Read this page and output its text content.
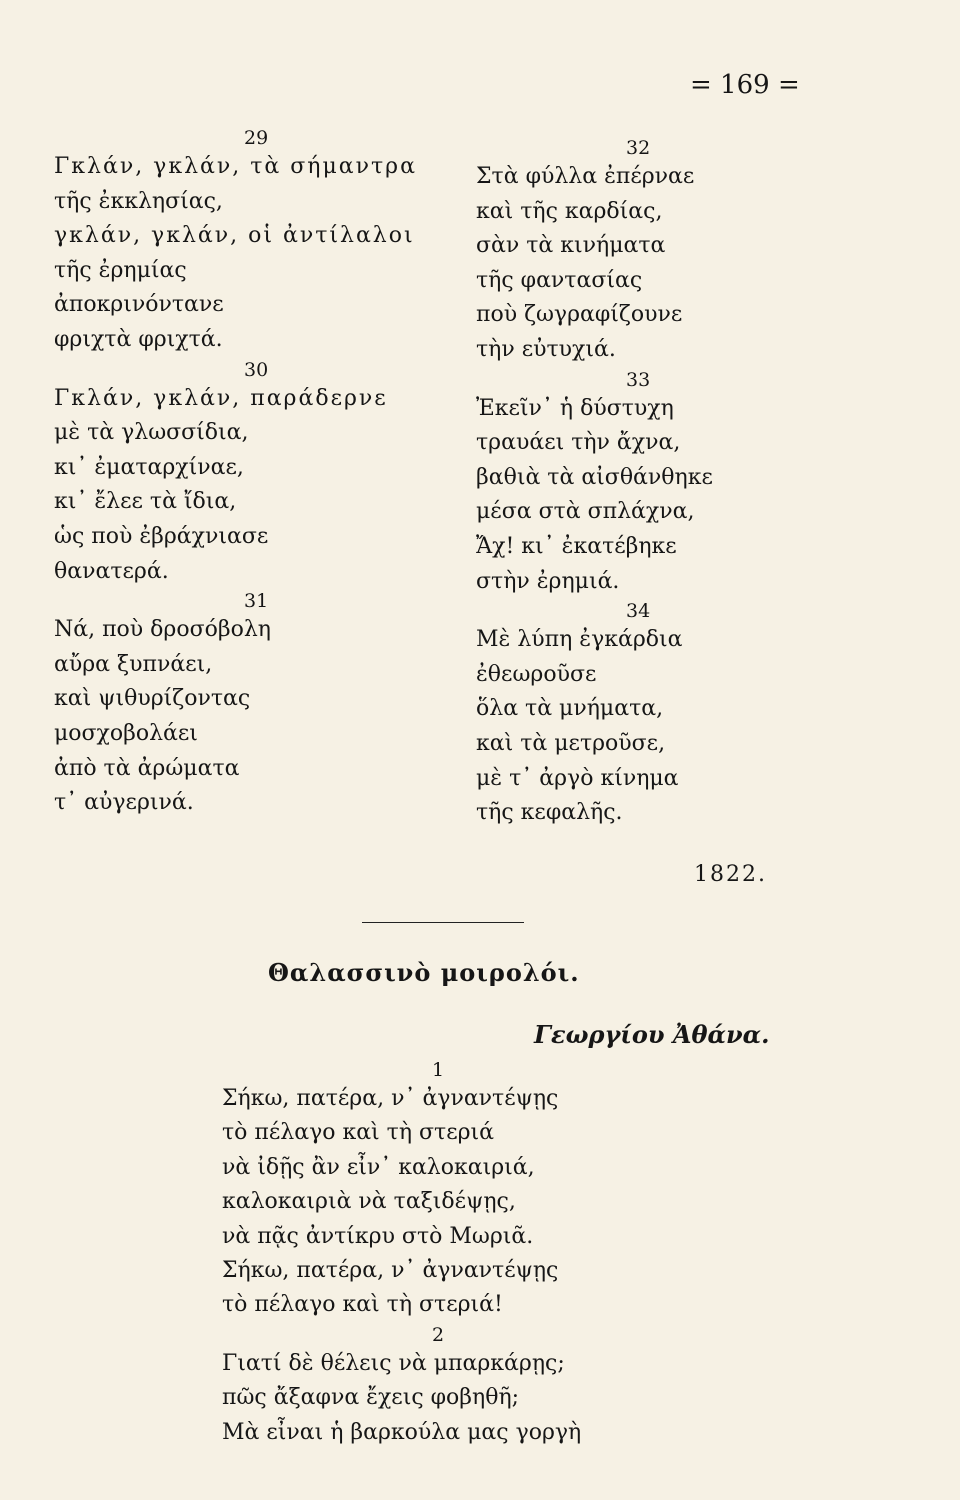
= 169 =
29
Γκλάν, γκλάν, τὰ σήμαντρα
τῆς ἐκκλησίας,
γκλάν, γκλάν, οἱ ἀντίλαλοι
τῆς ἐρημίας
ἀποκρινόντανε
φριχτὰ φριχτά.
30
Γκλάν, γκλάν, παράδερνε
μὲ τὰ γλωσσίδια,
κι᾿ ἐματαρχίναε,
κι᾿ ἔλεε τὰ ἴδια,
ὡς ποὺ ἐβράχνιασε
θανατερά.
31
Νά, ποὺ δροσόβολη
αὔρα ξυπνάει,
καὶ ψιθυρίζοντας
μοσχοβολάει
ἀπὸ τὰ ἀρώματα
τ᾿ αὐγερινά.
32
Στὰ φύλλα ἐπέρναε
καὶ τῆς καρδίας,
σὰν τὰ κινήματα
τῆς φαντασίας
ποὺ ζωγραφίζουνε
τὴν εὐτυχιά.
33
Ἐκεῖν᾿ ἡ δύστυχη
τραυάει τὴν ἄχνα,
βαθιὰ τὰ αἰσθάνθηκε
μέσα στὰ σπλάχνα,
Ἄχ! κι᾿ ἐκατέβηκε
στὴν ἐρημιά.
34
Μὲ λύπη ἐγκάρδια
ἐθεωροῦσε
ὅλα τὰ μνήματα,
καὶ τὰ μετροῦσε,
μὲ τ᾿ ἀργὸ κίνημα
τῆς κεφαλῆς.
1822.
Θαλασσινὸ μοιρολόι.
Γεωργίου Ἀθάνα.
1
Σήκω, πατέρα, ν᾿ ἀγναντέψῃς
τὸ πέλαγο καὶ τὴ στεριά
νὰ ἰδῇς ἂν εἶν᾿ καλοκαιριά,
καλοκαιριὰ νὰ ταξιδέψῃς,
νὰ πᾷς ἀντίκρυ στὸ Μωριᾶ.
Σήκω, πατέρα, ν᾿ ἀγναντέψῃς
τὸ πέλαγο καὶ τὴ στεριά!
2
Γιατί δὲ θέλεις νὰ μπαρκάρῃς;
πῶς ἄξαφνα ἔχεις φοβηθῆ;
Μὰ εἶναι ἡ βαρκούλα μας γοργὴ
